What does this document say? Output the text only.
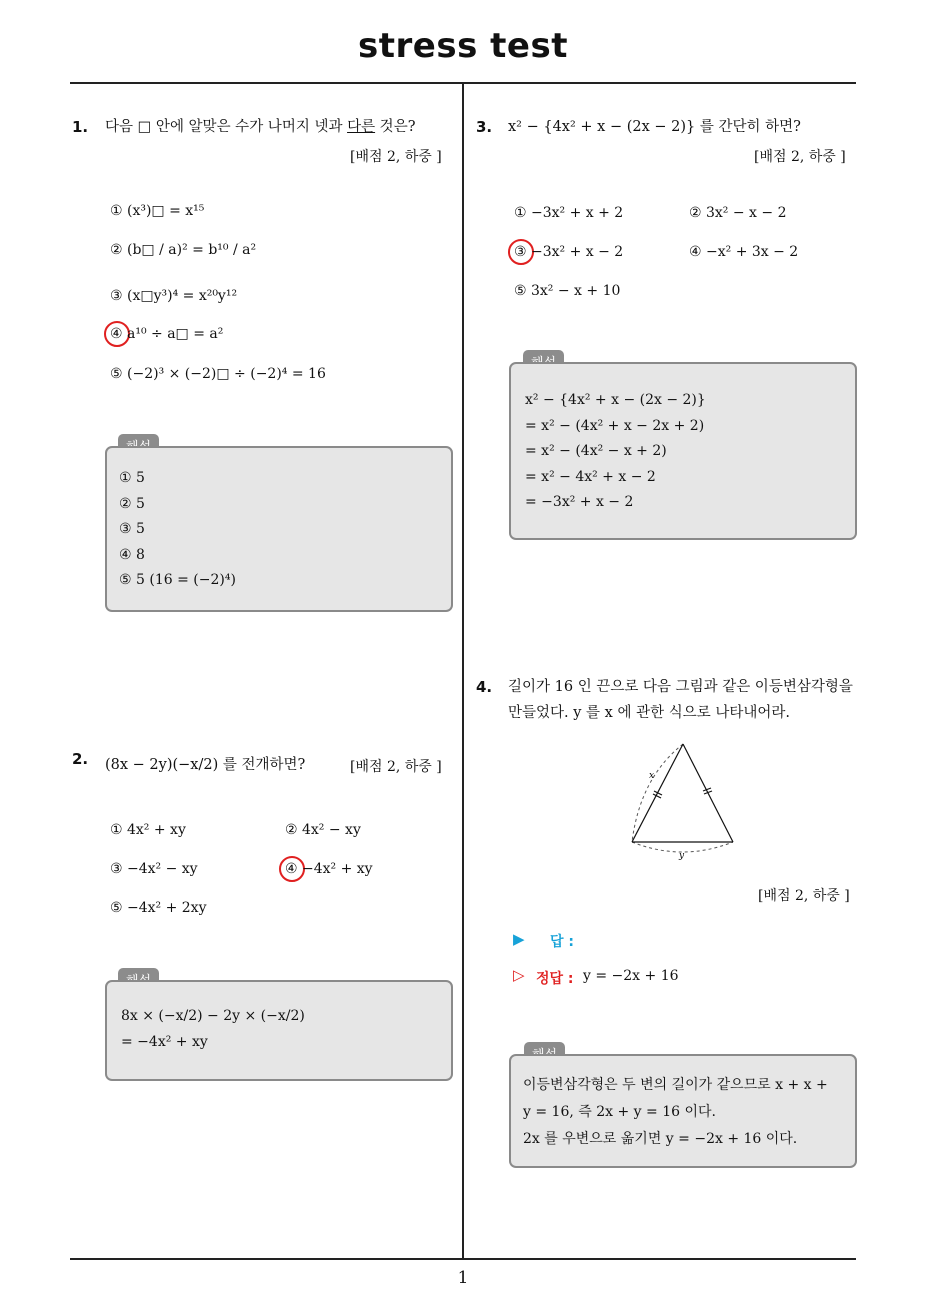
stress test
1
1. 다음 □ 안에 알맞은 수가 나머지 넷과 다른 것은?
[배점 2, 하중 ]
① (x³)□ = x¹⁵
② (b□ / a)² = b¹⁰ / a²
③ (x□y³)⁴ = x²⁰y¹²
④ a¹⁰ ÷ a□ = a²
⑤ (−2)³ × (−2)□ ÷ (−2)⁴ = 16
① 5
② 5
③ 5
④ 8
⑤ 5 (16 = (−2)⁴)
2. (8x − 2y)(−x/2) 를 전개하면?	[배점 2, 하중 ]
① 4x² + xy	② 4x² − xy
③ −4x² − xy	④ −4x² + xy
⑤ −4x² + 2xy
8x × (−x/2) − 2y × (−x/2)
= −4x² + xy
3. x² − {4x² + x − (2x − 2)} 를 간단히 하면?
[배점 2, 하중 ]
① −3x² + x + 2	② 3x² − x − 2
③ −3x² + x − 2	④ −x² + 3x − 2
⑤ 3x² − x + 10
x² − {4x² + x − (2x − 2)}
= x² − (4x² + x − 2x + 2)
= x² − (4x² − x + 2)
= x² − 4x² + x − 2
= −3x² + x − 2
4. 길이가 16 인 끈으로 다음 그림과 같은 이등변삼각형을
만들었다. y 를 x 에 관한 식으로 나타내어라.
x
y
[배점 2, 하중 ]
▶ 답 :
▷ 정답 : y = −2x + 16
이등변삼각형은 두 변의 길이가 같으므로 x + x +
y = 16, 즉 2x + y = 16 이다.
2x 를 우변으로 옮기면 y = −2x + 16 이다.
